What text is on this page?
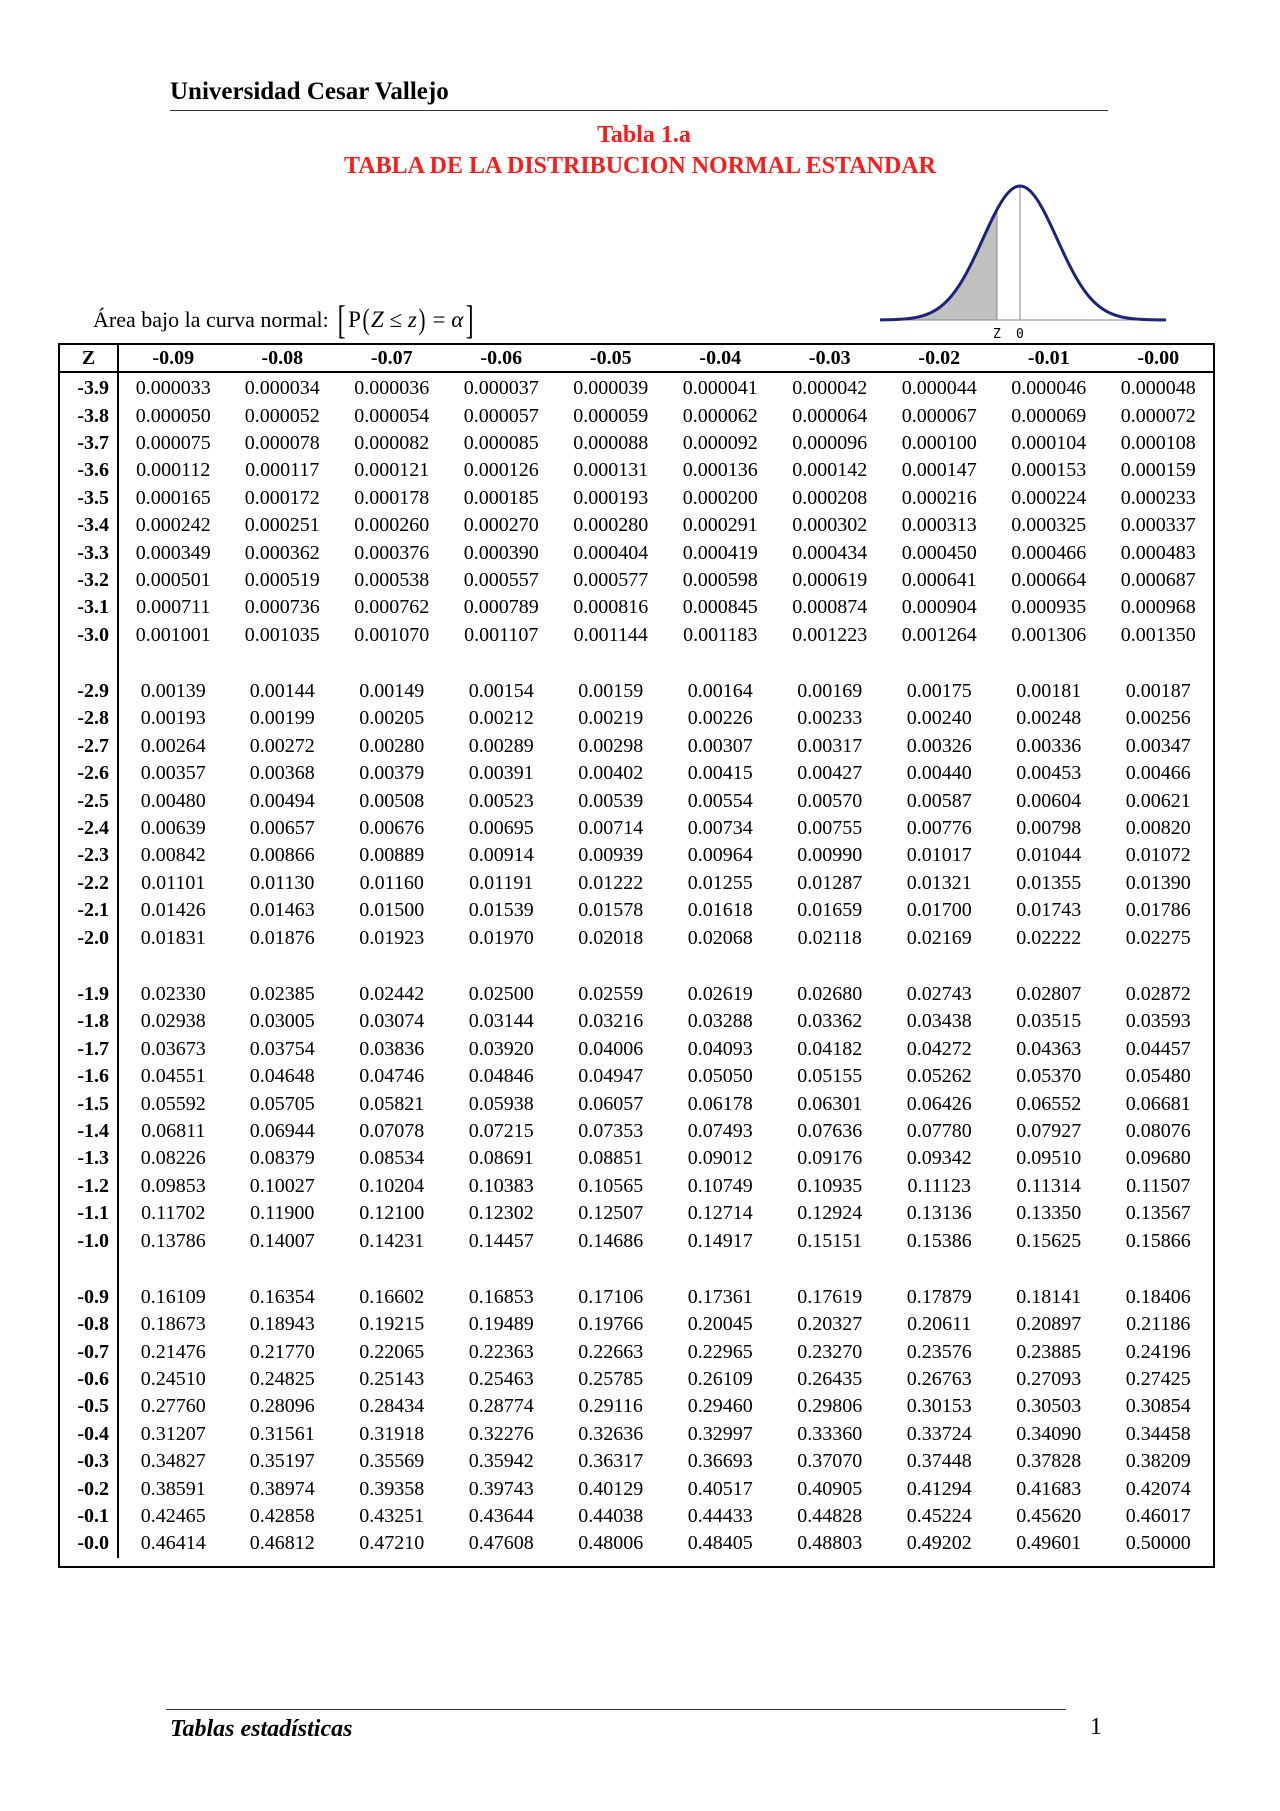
Universidad Cesar Vallejo
Tabla 1.a
TABLA DE LA DISTRIBUCION NORMAL ESTANDAR
Z 0
Área bajo la curva normal: [ P ( Z
≤
z )
=
α ]
Z	-0.09	-0.08	-0.07	-0.06	-0.05	-0.04	-0.03	-0.02	-0.01	-0.00
-3.9	0.000033	0.000034	0.000036	0.000037	0.000039	0.000041	0.000042	0.000044	0.000046	0.000048
-3.8	0.000050	0.000052	0.000054	0.000057	0.000059	0.000062	0.000064	0.000067	0.000069	0.000072
-3.7	0.000075	0.000078	0.000082	0.000085	0.000088	0.000092	0.000096	0.000100	0.000104	0.000108
-3.6	0.000112	0.000117	0.000121	0.000126	0.000131	0.000136	0.000142	0.000147	0.000153	0.000159
-3.5	0.000165	0.000172	0.000178	0.000185	0.000193	0.000200	0.000208	0.000216	0.000224	0.000233
-3.4	0.000242	0.000251	0.000260	0.000270	0.000280	0.000291	0.000302	0.000313	0.000325	0.000337
-3.3	0.000349	0.000362	0.000376	0.000390	0.000404	0.000419	0.000434	0.000450	0.000466	0.000483
-3.2	0.000501	0.000519	0.000538	0.000557	0.000577	0.000598	0.000619	0.000641	0.000664	0.000687
-3.1	0.000711	0.000736	0.000762	0.000789	0.000816	0.000845	0.000874	0.000904	0.000935	0.000968
-3.0	0.001001	0.001035	0.001070	0.001107	0.001144	0.001183	0.001223	0.001264	0.001306	0.001350

-2.9	0.00139	0.00144	0.00149	0.00154	0.00159	0.00164	0.00169	0.00175	0.00181	0.00187
-2.8	0.00193	0.00199	0.00205	0.00212	0.00219	0.00226	0.00233	0.00240	0.00248	0.00256
-2.7	0.00264	0.00272	0.00280	0.00289	0.00298	0.00307	0.00317	0.00326	0.00336	0.00347
-2.6	0.00357	0.00368	0.00379	0.00391	0.00402	0.00415	0.00427	0.00440	0.00453	0.00466
-2.5	0.00480	0.00494	0.00508	0.00523	0.00539	0.00554	0.00570	0.00587	0.00604	0.00621
-2.4	0.00639	0.00657	0.00676	0.00695	0.00714	0.00734	0.00755	0.00776	0.00798	0.00820
-2.3	0.00842	0.00866	0.00889	0.00914	0.00939	0.00964	0.00990	0.01017	0.01044	0.01072
-2.2	0.01101	0.01130	0.01160	0.01191	0.01222	0.01255	0.01287	0.01321	0.01355	0.01390
-2.1	0.01426	0.01463	0.01500	0.01539	0.01578	0.01618	0.01659	0.01700	0.01743	0.01786
-2.0	0.01831	0.01876	0.01923	0.01970	0.02018	0.02068	0.02118	0.02169	0.02222	0.02275

-1.9	0.02330	0.02385	0.02442	0.02500	0.02559	0.02619	0.02680	0.02743	0.02807	0.02872
-1.8	0.02938	0.03005	0.03074	0.03144	0.03216	0.03288	0.03362	0.03438	0.03515	0.03593
-1.7	0.03673	0.03754	0.03836	0.03920	0.04006	0.04093	0.04182	0.04272	0.04363	0.04457
-1.6	0.04551	0.04648	0.04746	0.04846	0.04947	0.05050	0.05155	0.05262	0.05370	0.05480
-1.5	0.05592	0.05705	0.05821	0.05938	0.06057	0.06178	0.06301	0.06426	0.06552	0.06681
-1.4	0.06811	0.06944	0.07078	0.07215	0.07353	0.07493	0.07636	0.07780	0.07927	0.08076
-1.3	0.08226	0.08379	0.08534	0.08691	0.08851	0.09012	0.09176	0.09342	0.09510	0.09680
-1.2	0.09853	0.10027	0.10204	0.10383	0.10565	0.10749	0.10935	0.11123	0.11314	0.11507
-1.1	0.11702	0.11900	0.12100	0.12302	0.12507	0.12714	0.12924	0.13136	0.13350	0.13567
-1.0	0.13786	0.14007	0.14231	0.14457	0.14686	0.14917	0.15151	0.15386	0.15625	0.15866

-0.9	0.16109	0.16354	0.16602	0.16853	0.17106	0.17361	0.17619	0.17879	0.18141	0.18406
-0.8	0.18673	0.18943	0.19215	0.19489	0.19766	0.20045	0.20327	0.20611	0.20897	0.21186
-0.7	0.21476	0.21770	0.22065	0.22363	0.22663	0.22965	0.23270	0.23576	0.23885	0.24196
-0.6	0.24510	0.24825	0.25143	0.25463	0.25785	0.26109	0.26435	0.26763	0.27093	0.27425
-0.5	0.27760	0.28096	0.28434	0.28774	0.29116	0.29460	0.29806	0.30153	0.30503	0.30854
-0.4	0.31207	0.31561	0.31918	0.32276	0.32636	0.32997	0.33360	0.33724	0.34090	0.34458
-0.3	0.34827	0.35197	0.35569	0.35942	0.36317	0.36693	0.37070	0.37448	0.37828	0.38209
-0.2	0.38591	0.38974	0.39358	0.39743	0.40129	0.40517	0.40905	0.41294	0.41683	0.42074
-0.1	0.42465	0.42858	0.43251	0.43644	0.44038	0.44433	0.44828	0.45224	0.45620	0.46017
-0.0	0.46414	0.46812	0.47210	0.47608	0.48006	0.48405	0.48803	0.49202	0.49601	0.50000
Tablas estadísticas	1
